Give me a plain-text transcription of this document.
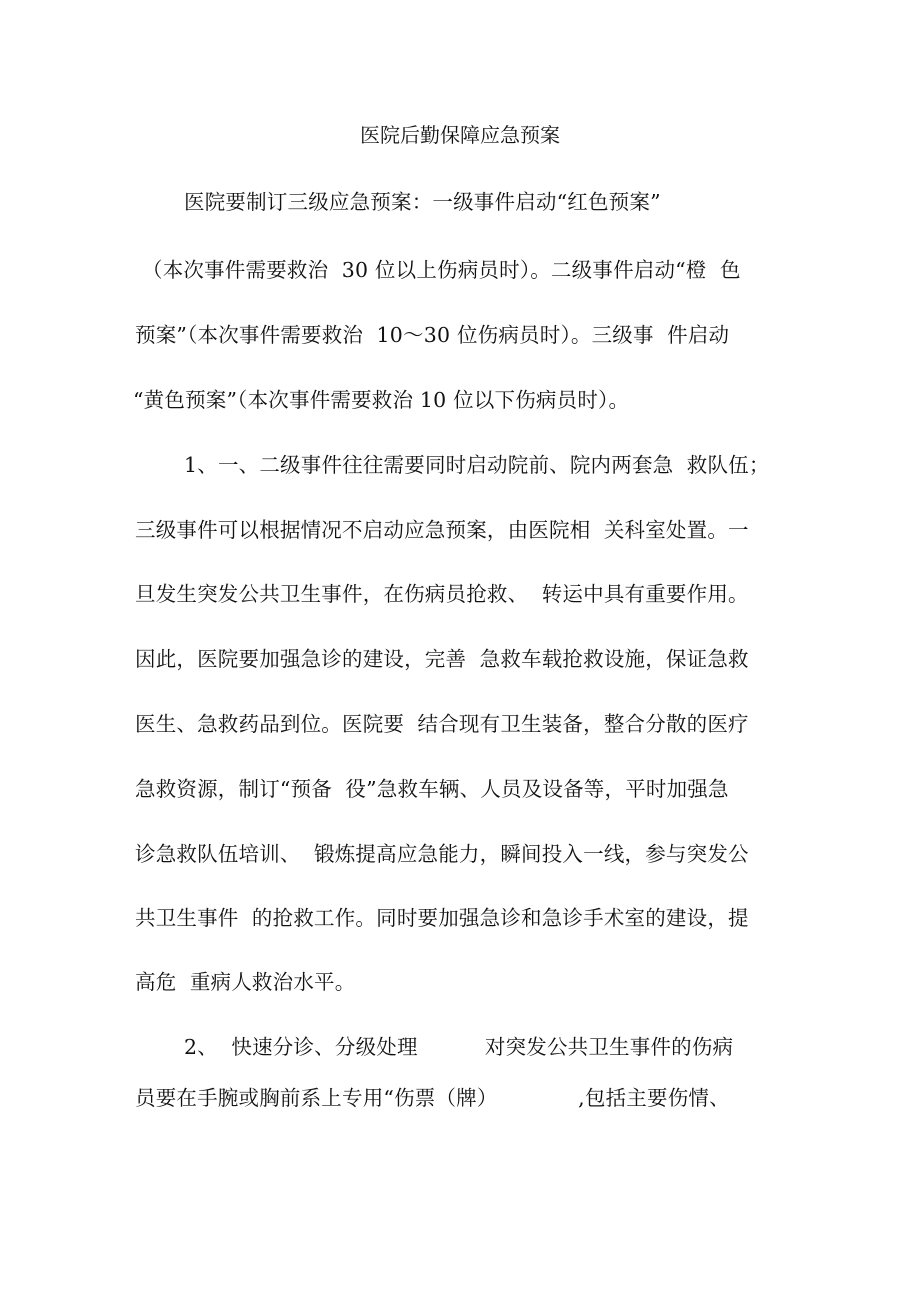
医院后勤保障应急预案
医院要制订三级应急预案：一级事件启动“红色预案”
（本次事件需要救治  30 位以上伤病员时）。二级事件启动“橙  色
预案”（本次事件需要救治  10～30 位伤病员时）。三级事  件启动
“黄色预案”（本次事件需要救治 10 位以下伤病员时）。
1、一、二级事件往往需要同时启动院前、院内两套急  救队伍；
三级事件可以根据情况不启动应急预案，由医院相  关科室处置。一
旦发生突发公共卫生事件，在伤病员抢救、  转运中具有重要作用。
因此，医院要加强急诊的建设，完善  急救车载抢救设施，保证急救
医生、急救药品到位。医院要  结合现有卫生装备，整合分散的医疗
急救资源，制订“预备  役”急救车辆、人员及设备等，平时加强急
诊急救队伍培训、  锻炼提高应急能力，瞬间投入一线，参与突发公
共卫生事件  的抢救工作。同时要加强急诊和急诊手术室的建设，提
高危  重病人救治水平。
2、  快速分诊、分级处理          对突发公共卫生事件的伤病
员要在手腕或胸前系上专用“伤票（牌）            ,包括主要伤情、
